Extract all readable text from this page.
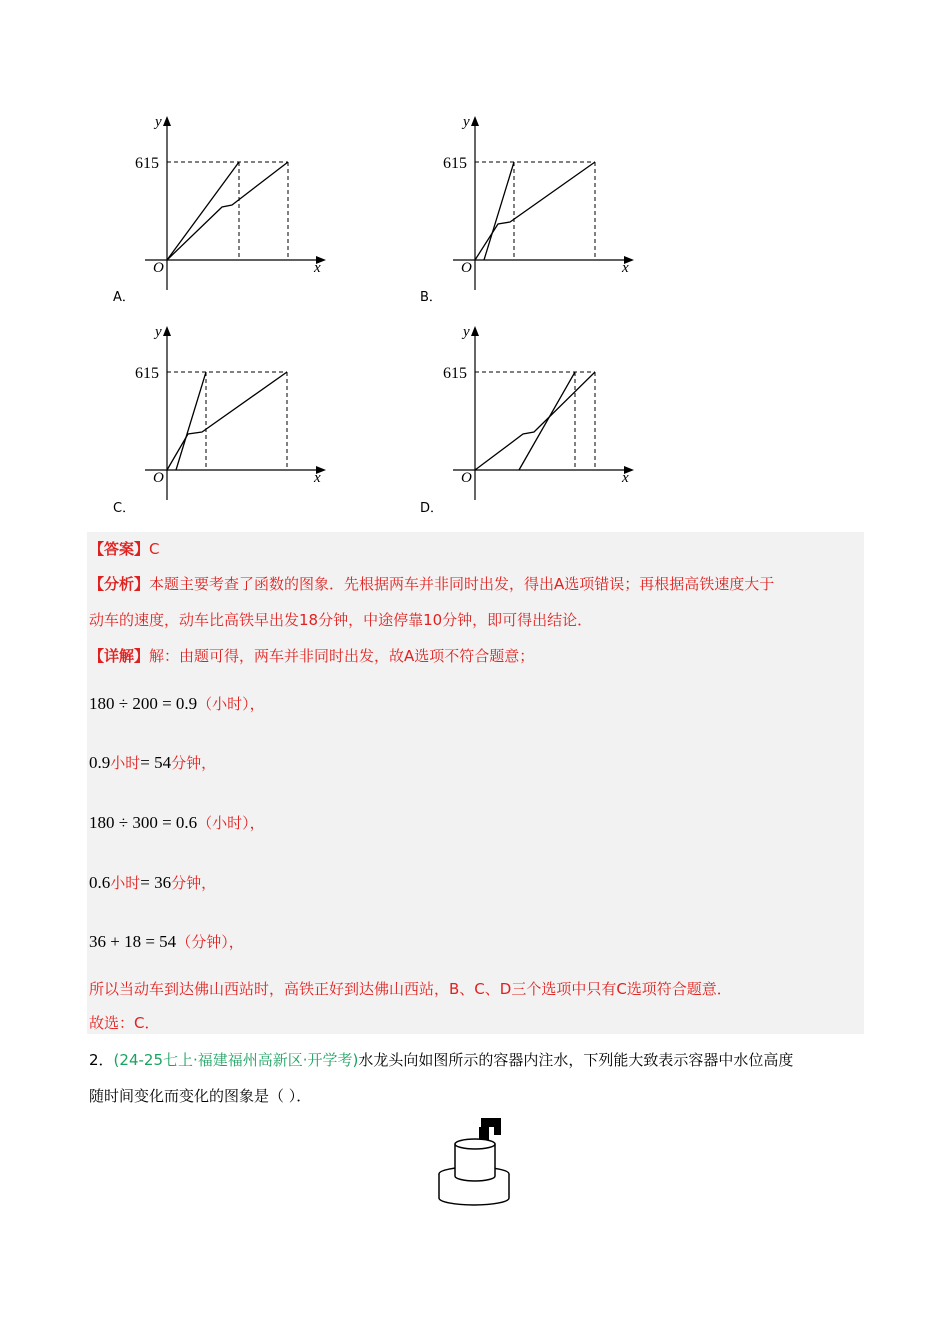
615
O	x
y
A．
615
O	x
y
B．
615
O	x
y
C．
615
O	x
y
D．
【答案】C
【分析】本题主要考查了函数的图象．先根据两车并非同时出发，得出A选项错误；再根据高铁速度大于
动车的速度，动车比高铁早出发18分钟，中途停靠10分钟，即可得出结论．
【详解】解：由题可得，两车并非同时出发，故A选项不符合题意；
180 ÷ 200 = 0.9（小时），
0.9小时= 54分钟，
180 ÷ 300 = 0.6（小时），
0.6小时= 36分钟，
36 + 18 = 54（分钟），
所以当动车到达佛山西站时，高铁正好到达佛山西站，B、C、D三个选项中只有C选项符合题意．
故选：C．
2．(24-25七上·福建福州高新区·开学考)水龙头向如图所示的容器内注水，下列能大致表示容器中水位高度
随时间变化而变化的图象是（ ）．
